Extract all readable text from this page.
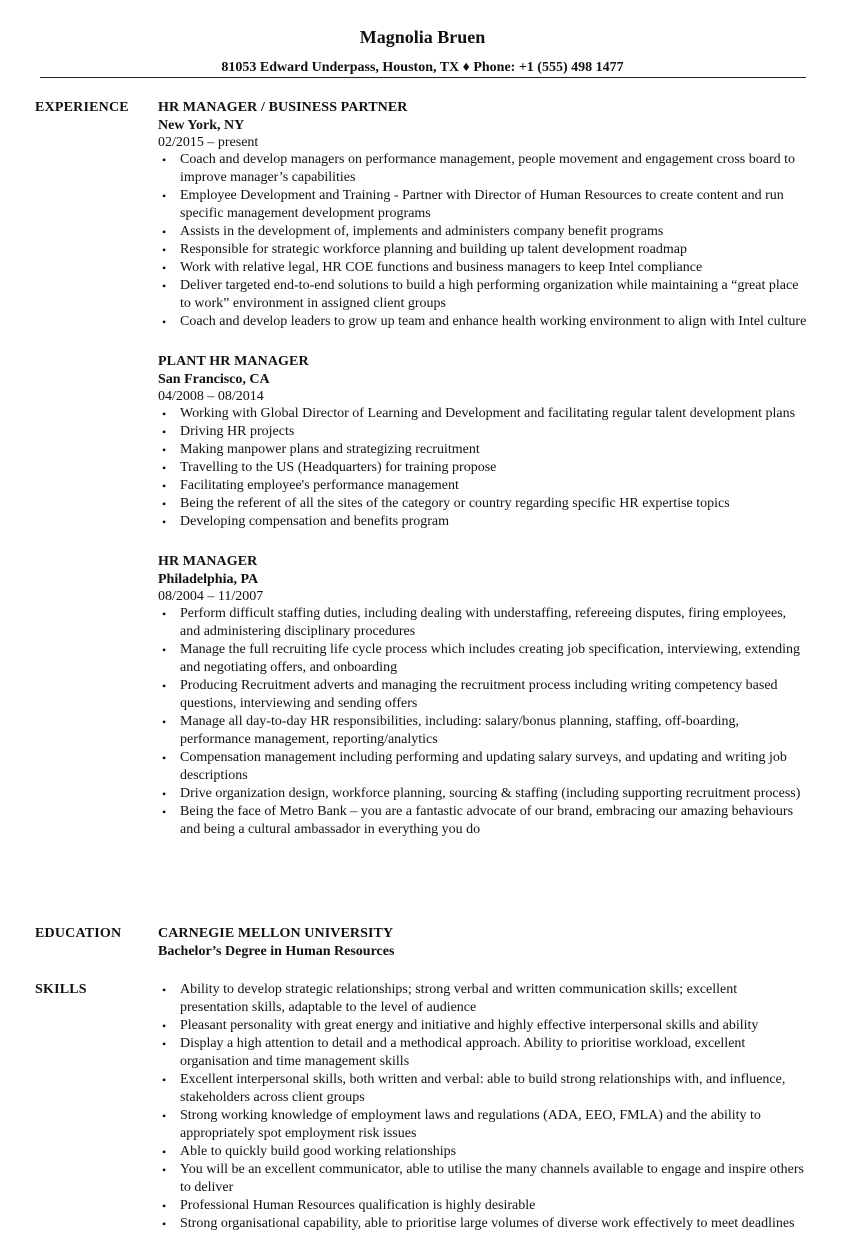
Magnolia Bruen
81053 Edward Underpass, Houston, TX ♦ Phone: +1 (555) 498 1477
EXPERIENCE HR MANAGER / BUSINESS PARTNER
New York, NY
02/2015 – present
• Coach and develop managers on performance management, people movement and engagement cross board to improve manager’s capabilities
• Employee Development and Training - Partner with Director of Human Resources to create content and run specific management development programs
• Assists in the development of, implements and administers company benefit programs
• Responsible for strategic workforce planning and building up talent development roadmap
• Work with relative legal, HR COE functions and business managers to keep Intel compliance
• Deliver targeted end-to-end solutions to build a high performing organization while maintaining a “great place to work” environment in assigned client groups
• Coach and develop leaders to grow up team and enhance health working environment to align with Intel culture
PLANT HR MANAGER
San Francisco, CA
04/2008 – 08/2014
• Working with Global Director of Learning and Development and facilitating regular talent development plans
• Driving HR projects
• Making manpower plans and strategizing recruitment
• Travelling to the US (Headquarters) for training propose
• Facilitating employee's performance management
• Being the referent of all the sites of the category or country regarding specific HR expertise topics
• Developing compensation and benefits program
HR MANAGER
Philadelphia, PA
08/2004 – 11/2007
• Perform difficult staffing duties, including dealing with understaffing, refereeing disputes, firing employees, and administering disciplinary procedures
• Manage the full recruiting life cycle process which includes creating job specification, interviewing, extending and negotiating offers, and onboarding
• Producing Recruitment adverts and managing the recruitment process including writing competency based questions, interviewing and sending offers
• Manage all day-to-day HR responsibilities, including: salary/bonus planning, staffing, off-boarding, performance management, reporting/analytics
• Compensation management including performing and updating salary surveys, and updating and writing job descriptions
• Drive organization design, workforce planning, sourcing & staffing (including supporting recruitment process)
• Being the face of Metro Bank – you are a fantastic advocate of our brand, embracing our amazing behaviours and being a cultural ambassador in everything you do
EDUCATION	CARNEGIE MELLON UNIVERSITY
Bachelor’s Degree in Human Resources
SKILLS
•	Ability to develop strategic relationships; strong verbal and written communication skills; excellent presentation skills, adaptable to the level of audience
• Pleasant personality with great energy and initiative and highly effective interpersonal skills and ability
• Display a high attention to detail and a methodical approach. Ability to prioritise workload, excellent organisation and time management skills
• Excellent interpersonal skills, both written and verbal: able to build strong relationships with, and influence, stakeholders across client groups
• Strong working knowledge of employment laws and regulations (ADA, EEO, FMLA) and the ability to appropriately spot employment risk issues
• Able to quickly build good working relationships
• You will be an excellent communicator, able to utilise the many channels available to engage and inspire others to deliver
• Professional Human Resources qualification is highly desirable
• Strong organisational capability, able to prioritise large volumes of diverse work effectively to meet deadlines
